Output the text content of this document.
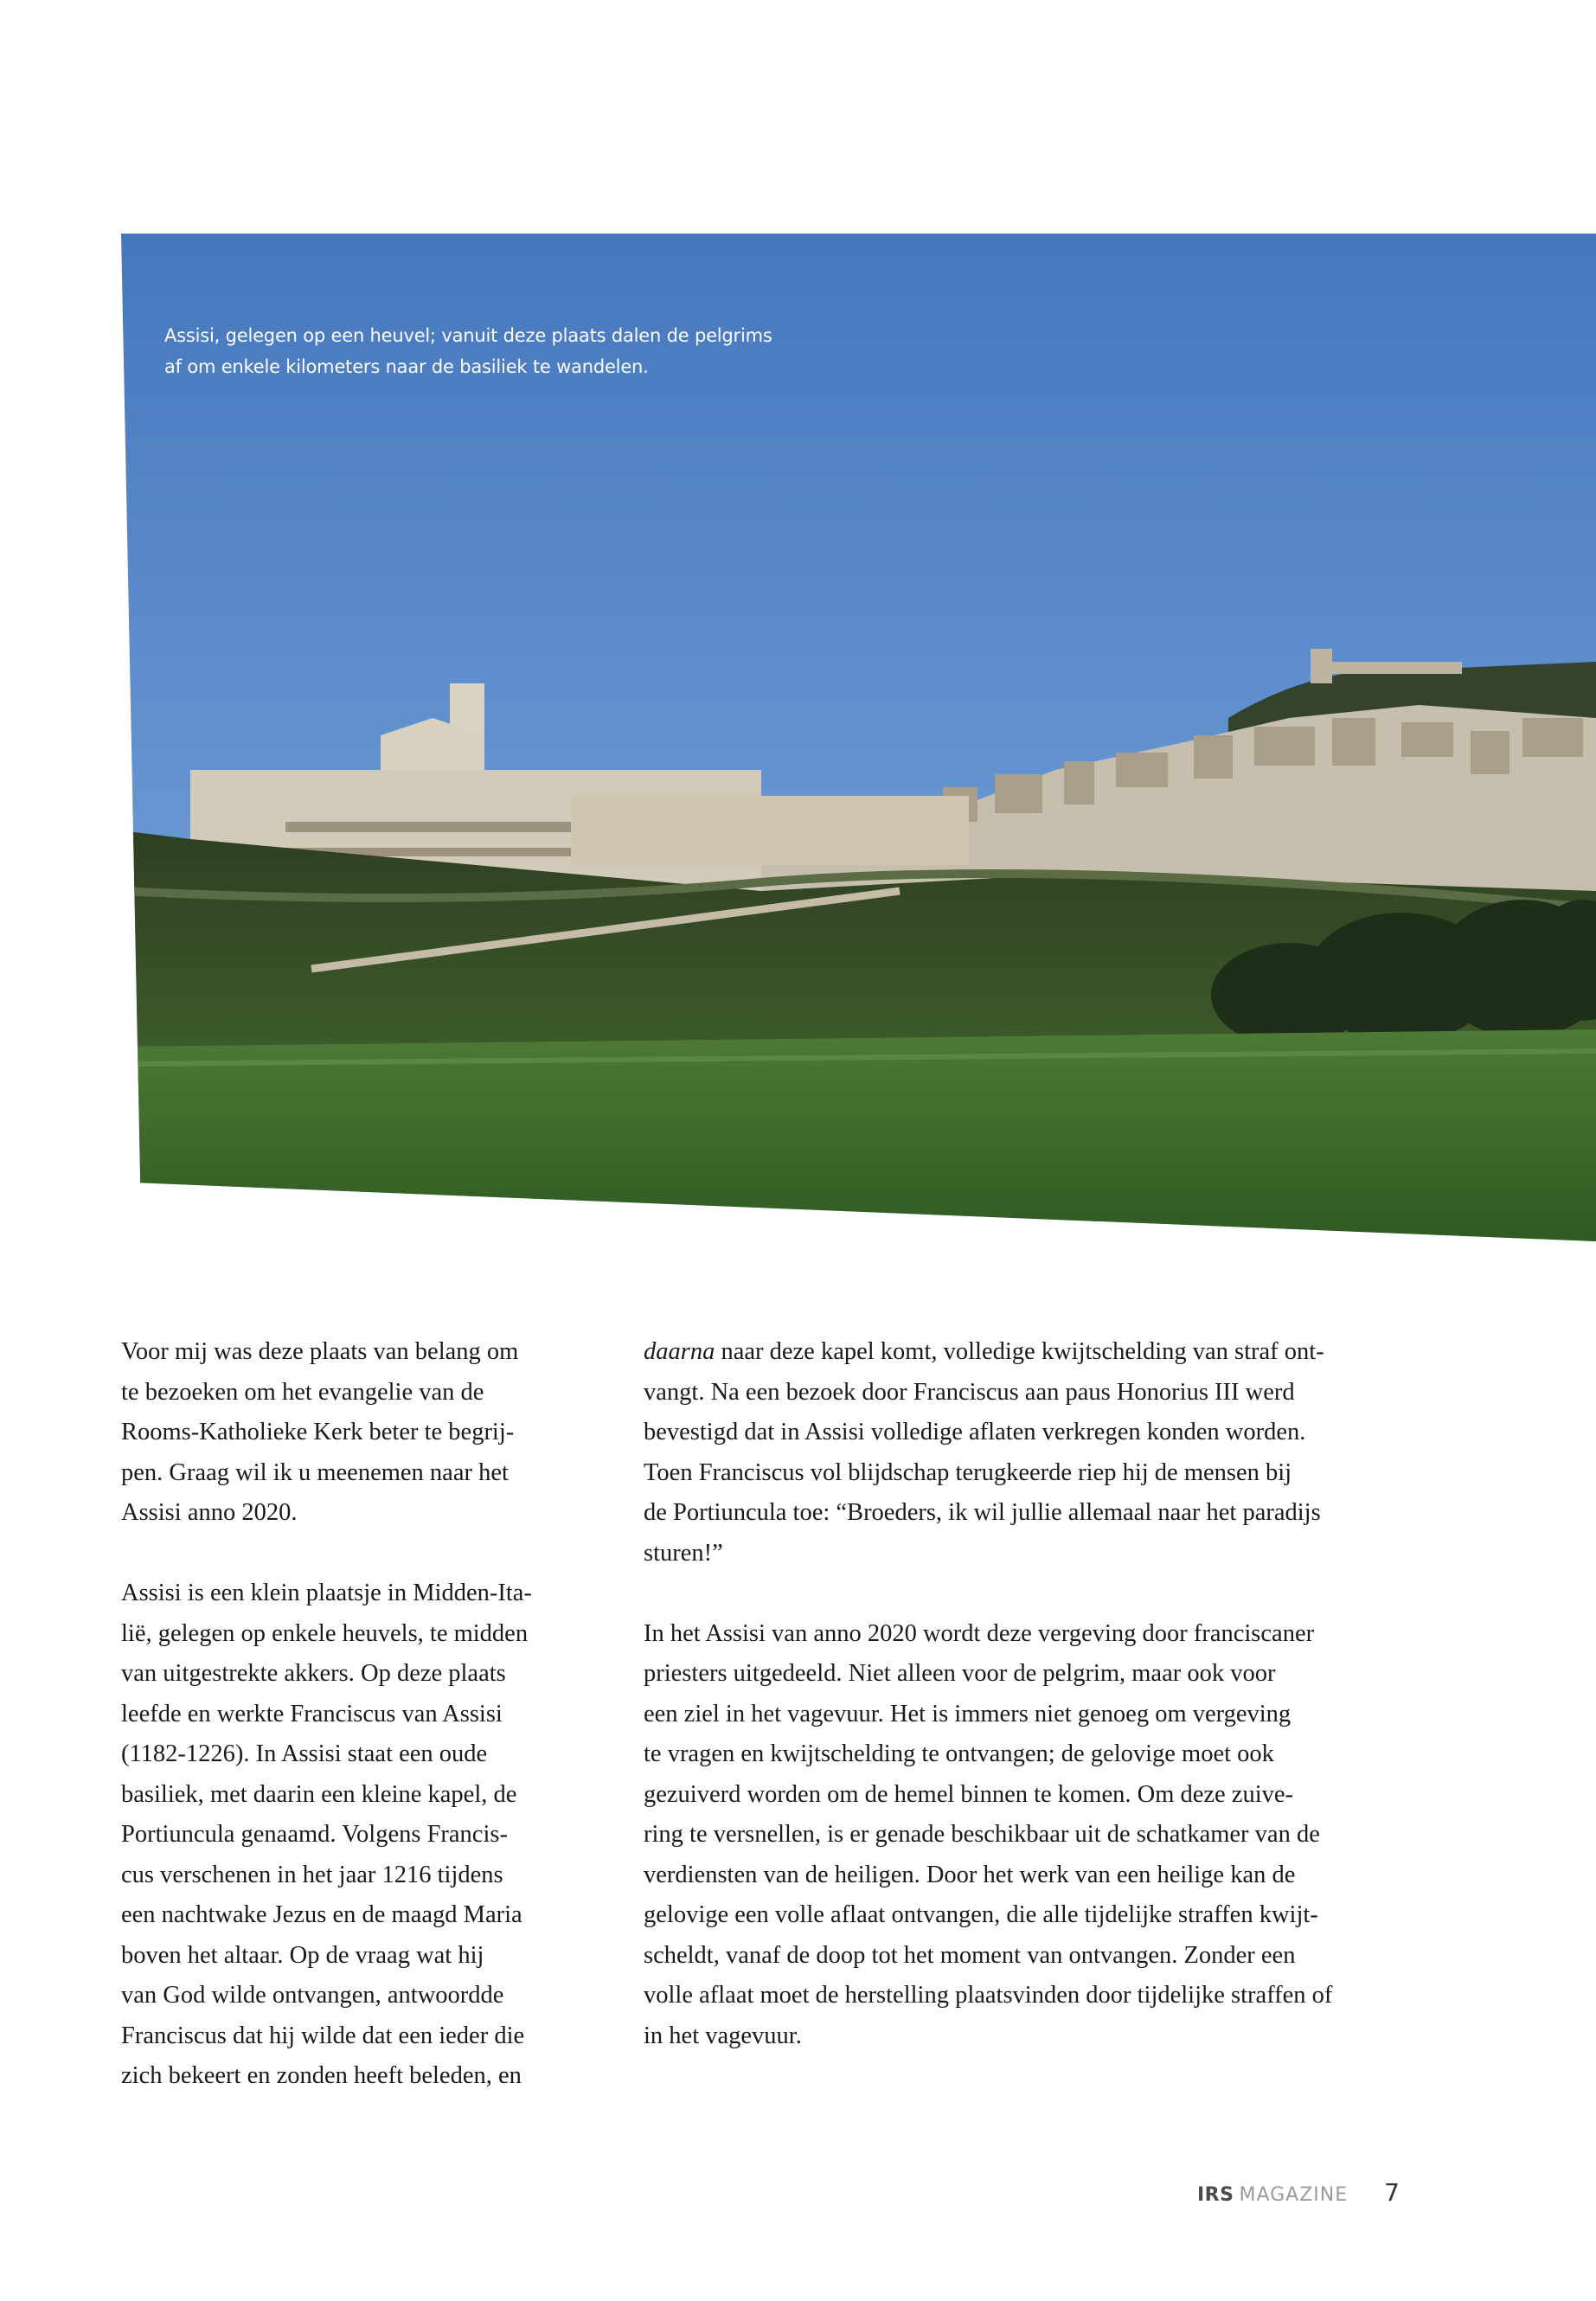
Assisi, gelegen op een heuvel; vanuit deze plaats dalen de pelgrims
af om enkele kilometers naar de basiliek te wandelen.

Voor mij was deze plaats van belang om

te bezoeken om het evangelie van de

Rooms-Katholieke Kerk beter te begrij-

pen. Graag wil ik u meenemen naar het

Assisi anno 2020.

Assisi is een klein plaatsje in Midden-Ita-

lië, gelegen op enkele heuvels, te midden

van uitgestrekte akkers. Op deze plaats

leefde en werkte Franciscus van Assisi

(1182-1226). In Assisi staat een oude

basiliek, met daarin een kleine kapel, de

Portiuncula genaamd. Volgens Francis-

cus verschenen in het jaar 1216 tijdens

een nachtwake Jezus en de maagd Maria

boven het altaar. Op de vraag wat hij

van God wilde ontvangen, antwoordde

Franciscus dat hij wilde dat een ieder die

zich bekeert en zonden heeft beleden, en

daarna naar deze kapel komt, volledige kwijtschelding van straf ont-

vangt. Na een bezoek door Franciscus aan paus Honorius III werd

bevestigd dat in Assisi volledige aflaten verkregen konden worden.

Toen Franciscus vol blijdschap terugkeerde riep hij de mensen bij

de Portiuncula toe: “Broeders, ik wil jullie allemaal naar het paradijs

sturen!”

In het Assisi van anno 2020 wordt deze vergeving door franciscaner

priesters uitgedeeld. Niet alleen voor de pelgrim, maar ook voor

een ziel in het vagevuur. Het is immers niet genoeg om vergeving

te vragen en kwijtschelding te ontvangen; de gelovige moet ook

gezuiverd worden om de hemel binnen te komen. Om deze zuive-

ring te versnellen, is er genade beschikbaar uit de schatkamer van de

verdiensten van de heiligen. Door het werk van een heilige kan de

gelovige een volle aflaat ontvangen, die alle tijdelijke straffen kwijt-

scheldt, vanaf de doop tot het moment van ontvangen. Zonder een

volle aflaat moet de herstelling plaatsvinden door tijdelijke straffen of

in het vagevuur.

IRS MAGAZINE 7
